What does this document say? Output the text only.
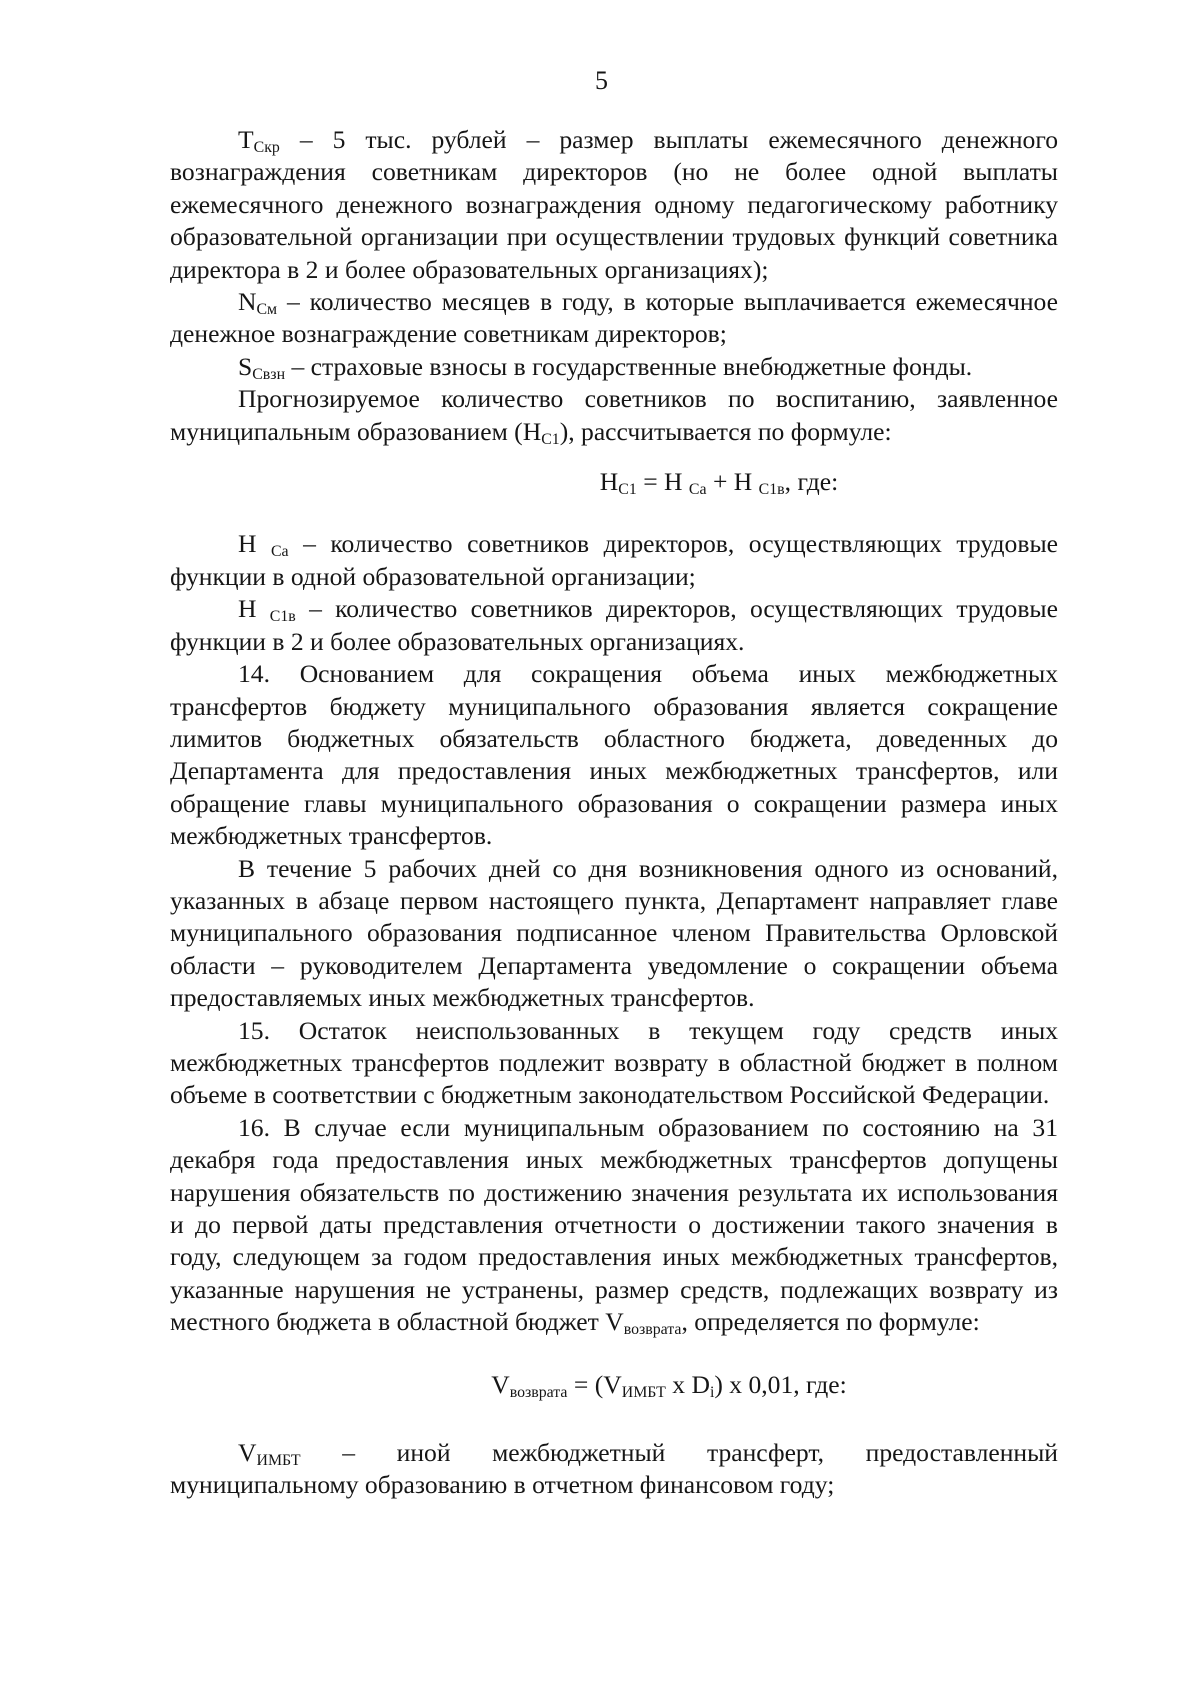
5

$Т_{Скр} - 5$ тыс. рублей – размер выплаты ежемесячного денежного вознаграждения советникам директоров (но не более одной выплаты ежемесячного денежного вознаграждения одному педагогическому работнику образовательной организации при осуществлении трудовых функций советника директора в 2 и более образовательных организациях);

$N_{См}$ – количество месяцев в году, в которые выплачивается ежемесячное денежное вознаграждение советникам директоров;

$S_{Свзн}$ – страховые взносы в государственные внебюджетные фонды.

Прогнозируемое количество советников по воспитанию, заявленное муниципальным образованием $(Н_{С1})$, рассчитывается по формуле:

$Н_{С1} = Н$ $_{Са}$ + Н $_{С1в}$, где:

Н $_{Са}$ – количество советников директоров, осуществляющих трудовые функции в одной образовательной организации;

Н $_{С1в}$ – количество советников директоров, осуществляющих трудовые функции в 2 и более образовательных организациях.

14. Основанием для сокращения объема иных межбюджетных трансфертов бюджету муниципального образования является сокращение лимитов бюджетных обязательств областного бюджета, доведенных до Департамента для предоставления иных межбюджетных трансфертов, или обращение главы муниципального образования о сокращении размера иных межбюджетных трансфертов.

В течение 5 рабочих дней со дня возникновения одного из оснований, указанных в абзаце первом настоящего пункта, Департамент направляет главе муниципального образования подписанное членом Правительства Орловской области – руководителем Департамента уведомление о сокращении объема предоставляемых иных межбюджетных трансфертов.

15. Остаток неиспользованных в текущем году средств иных межбюджетных трансфертов подлежит возврату в областной бюджет в полном объеме в соответствии с бюджетным законодательством Российской Федерации.

16. В случае если муниципальным образованием по состоянию на 31 декабря года предоставления иных межбюджетных трансфертов допущены нарушения обязательств по достижению значения результата их использования и до первой даты представления отчетности о достижении такого значения в году, следующем за годом предоставления иных межбюджетных трансфертов, указанные нарушения не устранены, размер средств, подлежащих возврату из местного бюджета в областной бюджет $V_{возврата}$, определяется по формуле:

$V_{возврата} = (V_{ИМБТ}$ x $D_i$) x 0,01, где:

$V_{ИМБТ}$ – иной межбюджетный трансферт, предоставленный муниципальному образованию в отчетном финансовом году;
